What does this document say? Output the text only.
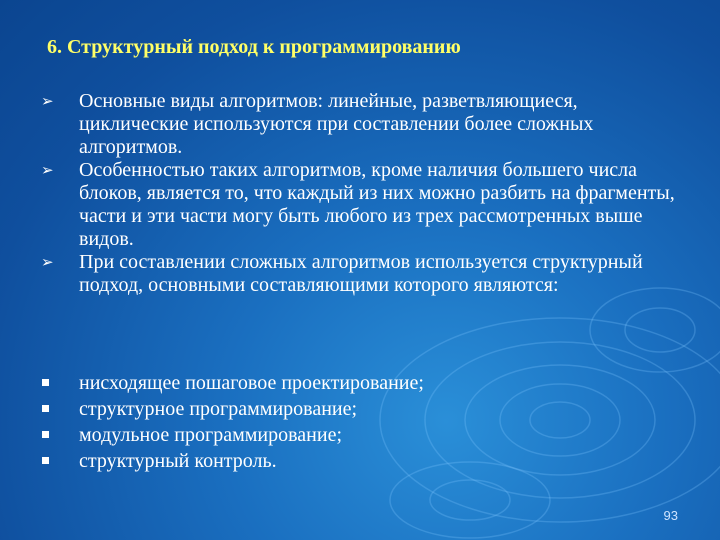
6. Структурный подход к программированию
➢ Основные виды алгоритмов: линейные, разветвляющиеся, циклические используются при составлении более сложных алгоритмов.
➢ Особенностью таких алгоритмов, кроме наличия большего числа блоков, является то, что каждый из них можно разбить на фрагменты, части и эти части могу быть любого из трех рассмотренных выше видов.
➢ При составлении сложных алгоритмов используется структурный подход, основными составляющими которого являются:
нисходящее пошаговое проектирование;
структурное программирование;
модульное программирование;
структурный контроль.
93
